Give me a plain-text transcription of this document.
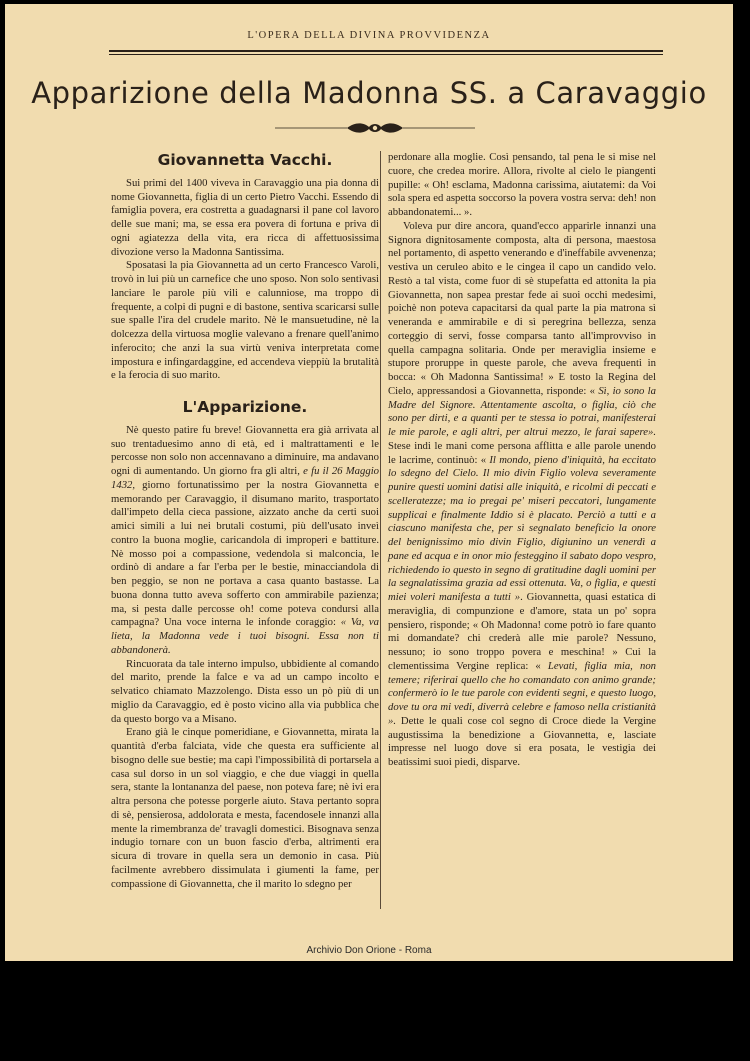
L'OPERA DELLA DIVINA PROVVIDENZA
Apparizione della Madonna SS. a Caravaggio
Giovannetta Vacchi.

Sui primi del 1400 viveva in Caravaggio una pia donna di nome Giovannetta, figlia di un certo Pietro Vacchi. Essendo di famiglia povera, era costretta a guadagnarsi il pane col lavoro delle sue mani; ma, se essa era povera di fortuna e priva di ogni agiatezza della vita, era ricca di affettuosissima divozione verso la Madonna Santissima.

Sposatasi la pia Giovannetta ad un certo Francesco Varoli, trovò in lui più un carnefice che uno sposo. Non solo sentivasi lanciare le parole più vili e calunniose, ma troppo di frequente, a colpi di pugni e di bastone, sentiva scaricarsi sulle sue spalle l'ira del crudele marito. Nè le mansuetudine, nè la dolcezza della virtuosa moglie valevano a frenare quell'animo inferocito; che anzi la sua virtù veniva interpretata come impostura e infingardaggine, ed accendeva vieppiù la brutalità e la ferocia di suo marito.

L'Apparizione.

Nè questo patire fu breve! Giovannetta era già arrivata al suo trentaduesimo anno di età, ed i maltrattamenti e le percosse non solo non accennavano a diminuire, ma andavano ogni dì aumentando. Un giorno fra gli altri, e fu il 26 Maggio 1432, giorno fortunatissimo per la nostra Giovannetta e memorando per Caravaggio, il disumano marito, trasportato dall'impeto della cieca passione, aizzato anche da certi suoi amici simili a lui nei brutali costumi, più dell'usato inveì contro la buona moglie, caricandola di improperi e battiture. Nè mosso poi a compassione, vedendola sì malconcia, le ordinò di andare a far l'erba per le bestie, minacciandola di ben peggio, se non ne portava a casa quanto bastasse. La buona donna tutto aveva sofferto con ammirabile pazienza; ma, si pesta dalle percosse oh! come poteva condursi alla campagna? Una voce interna le infonde coraggio: « Va, va lieta, la Madonna vede i tuoi bisogni. Essa non ti abbandonerà.

Rincuorata da tale interno impulso, ubbidiente al comando del marito, prende la falce e va ad un campo incolto e selvatico chiamato Mazzolengo. Dista esso un pò più di un miglio da Caravaggio, ed è posto vicino alla via pubblica che da questo borgo va a Misano.

Erano già le cinque pomeridiane, e Giovannetta, mirata la quantità d'erba falciata, vide che questa era sufficiente al bisogno delle sue bestie; ma capì l'impossibilità di portarsela a casa sul dorso in un sol viaggio, e che due viaggi in quella sera, stante la lontananza del paese, non poteva fare; nè ivi era altra persona che potesse porgerle aiuto. Stava pertanto sopra di sè, pensierosa, addolorata e mesta, facendosele innanzi alla mente la rimembranza de' travagli domestici. Bisognava senza indugio tornare con un buon fascio d'erba, altrimenti era sicura di trovare in quella sera un demonio in casa. Più facilmente avrebbero dissimulata i giumenti la fame, per compassione di Giovannetta, che il marito lo sdegno per

perdonare alla moglie. Così pensando, tal pena le si mise nel cuore, che credea morire. Allora, rivolte al cielo le piangenti pupille: « Oh! esclama, Madonna carissima, aiutatemi: da Voi sola spera ed aspetta soccorso la povera vostra serva: deh! non abbandonatemi... ».

Voleva pur dire ancora, quand'ecco apparirle innanzi una Signora dignitosamente composta, alta di persona, maestosa nel portamento, di aspetto venerando e d'ineffabile avvenenza; vestiva un ceruleo abito e le cingea il capo un candido velo. Restò a tal vista, come fuor di sè stupefatta ed attonita la pia Giovannetta, non sapea prestar fede ai suoi occhi medesimi, poichè non poteva capacitarsi da qual parte la pia matrona sì veneranda e ammirabile e di sì peregrina bellezza, senza corteggio di servi, fosse comparsa tanto all'improvviso in quella campagna solitaria. Onde per meraviglia insieme e stupore proruppe in queste parole, che aveva frequenti in bocca: « Oh Madonna Santissima! » E tosto la Regina del Cielo, appressandosi a Giovannetta, risponde: « Sì, io sono la Madre del Signore. Attentamente ascolta, o figlia, ciò che sono per dirti, e a quanti per te stessa io potrai, manifesterai le mie parole, e agli altri, per altrui mezzo, le farai sapere». Stese indi le mani come persona afflitta e alle parole unendo le lacrime, continuò: « Il mondo, pieno d'iniquità, ha eccitato lo sdegno del Cielo. Il mio divin Figlio voleva severamente punire questi uomini datisi alle iniquità, e ricolmi di peccati e scelleratezze; ma io pregai pe' miseri peccatori, lungamente supplicai e finalmente Iddio si è placato. Perciò a tutti e a ciascuno manifesta che, per sì segnalato beneficio la onore del benignissimo mio divin Figlio, digiunino un venerdì a pane ed acqua e in onor mio festeggino il sabato dopo vespro, richiedendo io questo in segno di gratitudine dagli uomini per la segnalatissima grazia ad essi ottenuta. Va, o figlia, e questi miei voleri manifesta a tutti ». Giovannetta, quasi estatica di meraviglia, di compunzione e d'amore, stata un po' sopra pensiero, risponde; « Oh Madonna! come potrò io fare quanto mi domandate? chi crederà alle mie parole? Nessuno, nessuno; io sono troppo povera e meschina! » Cui la clementissima Vergine replica: « Levati, figlia mia, non temere; riferirai quello che ho comandato con animo grande; confermerò io le tue parole con evidenti segni, e questo luogo, dove tu ora mi vedi, diverrà celebre e famoso nella cristianità ». Dette le quali cose col segno di Croce diede la Vergine augustissima la benedizione a Giovannetta, e, lasciate impresse nel luogo dove si era posata, le vestigia dei beatissimi suoi piedi, disparve.

Archivio Don Orione - Roma
